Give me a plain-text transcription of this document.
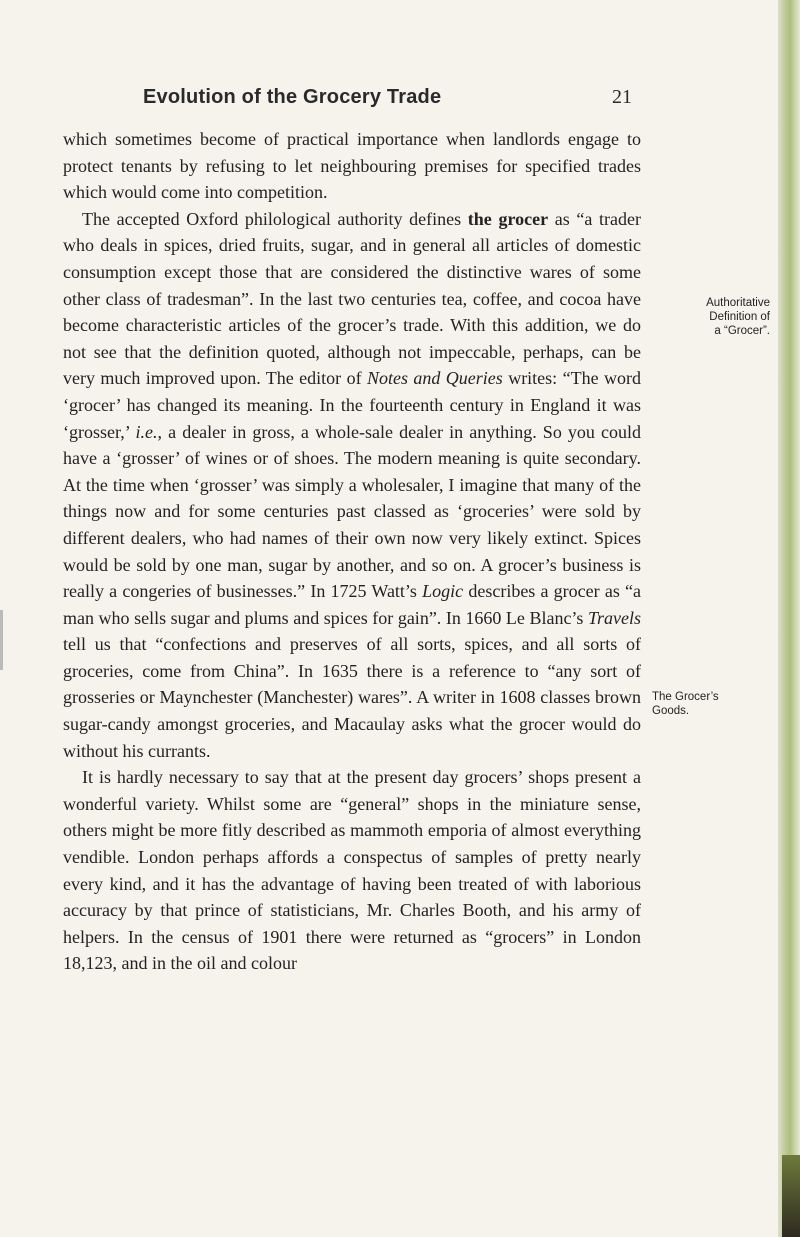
Evolution of the Grocery Trade	21

which sometimes become of practical importance when landlords engage to protect tenants by refusing to let neighbouring premises for specified trades which would come into competition.

The accepted Oxford philological authority defines the grocer as “a trader who deals in spices, dried fruits, sugar, and in general all articles of domestic consumption except those that are considered the distinctive wares of some other class of tradesman”. In the last two centuries tea, coffee, and cocoa have become characteristic articles of the grocer’s trade. With this addition, we do not see that the definition quoted, although not impeccable, perhaps, can be very much improved upon. The editor of Notes and Queries writes: “The word ‘grocer’ has changed its meaning. In the fourteenth century in England it was ‘grosser,’ i.e., a dealer in gross, a whole-sale dealer in anything. So you could have a ‘grosser’ of wines or of shoes. The modern meaning is quite secondary. At the time when ‘grosser’ was simply a wholesaler, I imagine that many of the things now and for some centuries past classed as ‘groceries’ were sold by different dealers, who had names of their own now very likely extinct. Spices would be sold by one man, sugar by another, and so on. A grocer’s business is really a congeries of businesses.” In 1725 Watt’s Logic describes a grocer as “a man who sells sugar and plums and spices for gain”. In 1660 Le Blanc’s Travels tell us that “confections and preserves of all sorts, spices, and all sorts of groceries, come from China”. In 1635 there is a reference to “any sort of grosseries or Maynchester (Manchester) wares”. A writer in 1608 classes brown sugar-candy amongst groceries, and Macaulay asks what the grocer would do without his currants.

It is hardly necessary to say that at the present day grocers’ shops present a wonderful variety. Whilst some are “general” shops in the miniature sense, others might be more fitly described as mammoth emporia of almost everything vendible. London perhaps affords a conspectus of samples of pretty nearly every kind, and it has the advantage of having been treated of with laborious accuracy by that prince of statisticians, Mr. Charles Booth, and his army of helpers. In the census of 1901 there were returned as “grocers” in London 18,123, and in the oil and colour

Authoritative
Definition of
a “Grocer”.
The Grocer’s
Goods.
